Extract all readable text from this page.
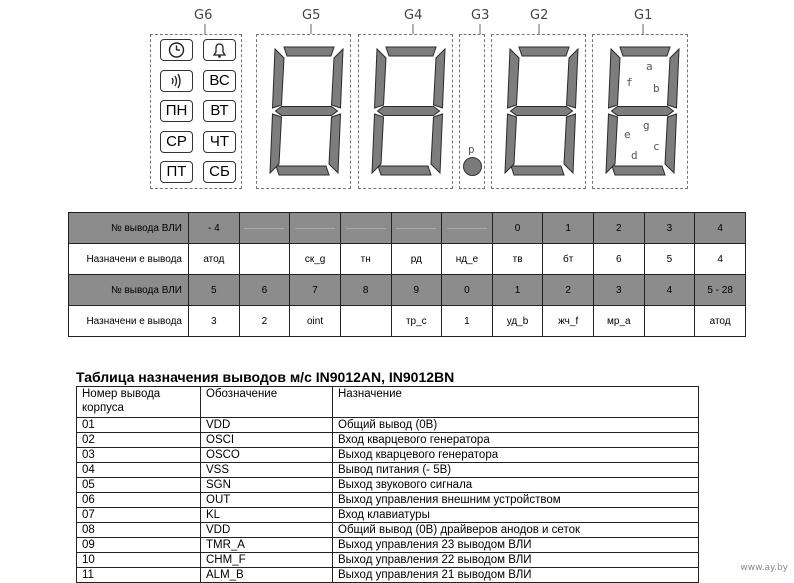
G6	G5	G4	G3	G2	G1
ВС
ПН	ВТ
СР	ЧТ
ПТ	СБ
p
a
b
c
d
e
f
g
№ вывода ВЛИ	- 4						0	1	2	3	4
Назначени е вывода	атод		ск_g	тн	рд	нд_е	тв	бт	6	5	4
№ вывода ВЛИ	5	6	7	8	9	0	1	2	3	4	5 - 28
Назначени е вывода	3	2	oint		тр_с	1	уд_b	жч_f	мр_а		атод
Таблица назначения выводов м/с IN9012AN, IN9012BN
Номер вывода корпуса	Обозначение	Назначение
01	VDD	Общий вывод (0В)
02	OSCI	Вход кварцевого генератора
03	OSCO	Выход кварцевого генератора
04	VSS	Вывод питания (- 5В)
05	SGN	Выход звукового сигнала
06	OUT	Выход управления внешним устройством
07	KL	Вход клавиатуры
08	VDD	Общий вывод (0В) драйверов анодов и сеток
09	TMR_A	Выход управления 23 выводом ВЛИ
10	CHM_F	Выход управления 22 выводом ВЛИ
11	ALM_B	Выход управления 21 выводом ВЛИ
www.ay.by
